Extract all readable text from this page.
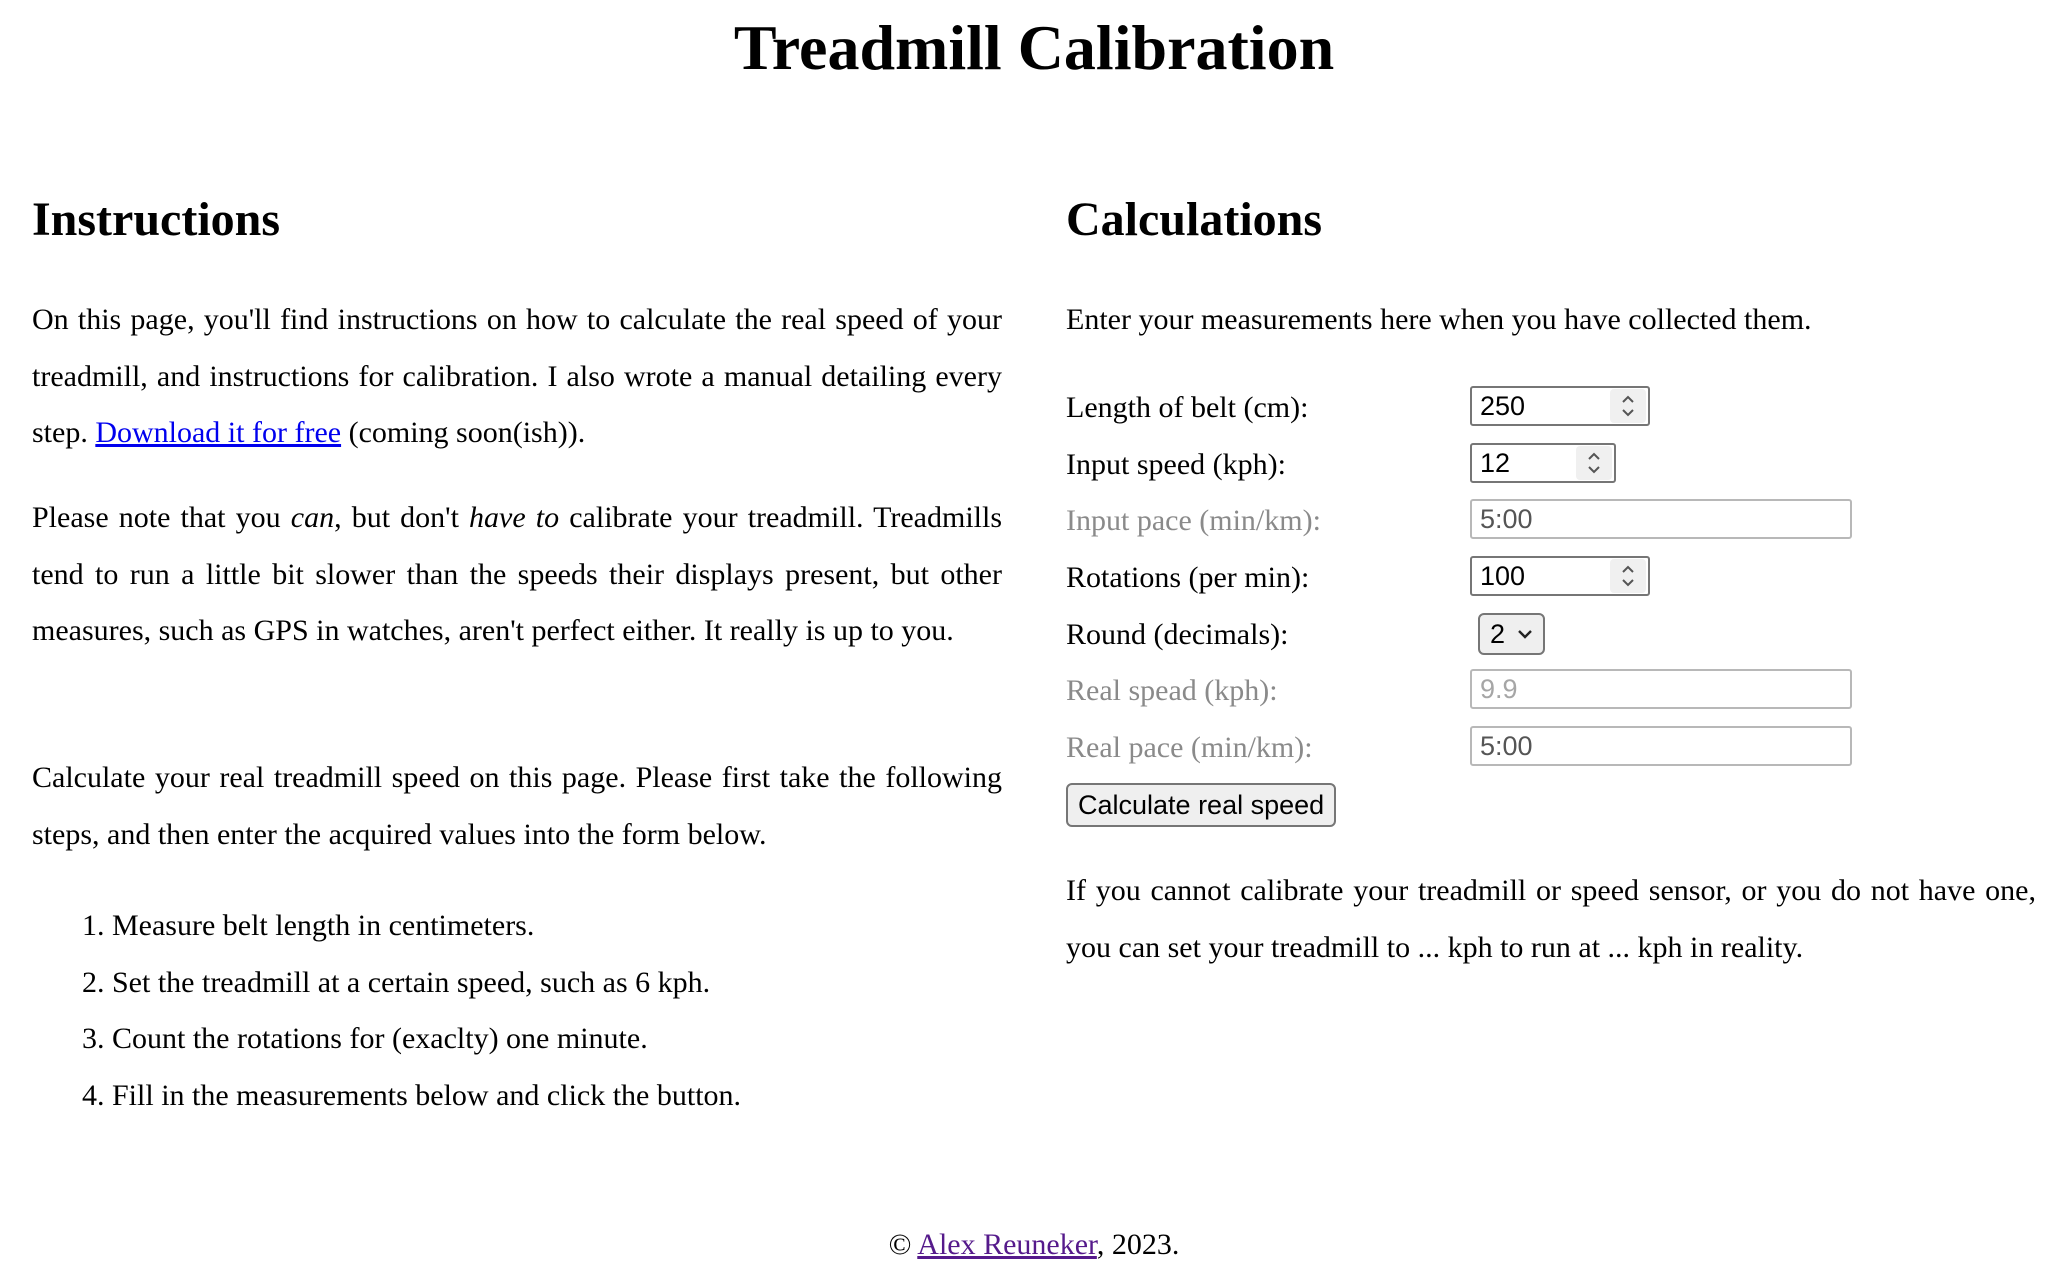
Treadmill Calibration
Instructions

On this page, you'll find instructions on how to calculate the real speed of your treadmill, and instructions for calibration. I also wrote a manual detailing every step. Download it for free (coming soon(ish)).

Please note that you can, but don't have to calibrate your treadmill. Treadmills tend to run a little bit slower than the speeds their displays present, but other measures, such as GPS in watches, aren't perfect either. It really is up to you.

Calculate your real treadmill speed on this page. Please first take the following steps, and then enter the acquired values into the form below.

1. Measure belt length in centimeters.
2. Set the treadmill at a certain speed, such as 6 kph.
3. Count the rotations for (exaclty) one minute.
4. Fill in the measurements below and click the button.
Calculations

Enter your measurements here when you have collected them.

Length of belt (cm):
250
Input speed (kph):
12
Input pace (min/km):	5:00
Rotations (per min):
100
Round (decimals):	2
Real spead (kph):	9.9
Real pace (min/km):	5:00
Calculate real speed

If you cannot calibrate your treadmill or speed sensor, or you do not have one, you can set your treadmill to ... kph to run at ... kph in reality.

© Alex Reuneker, 2023.
